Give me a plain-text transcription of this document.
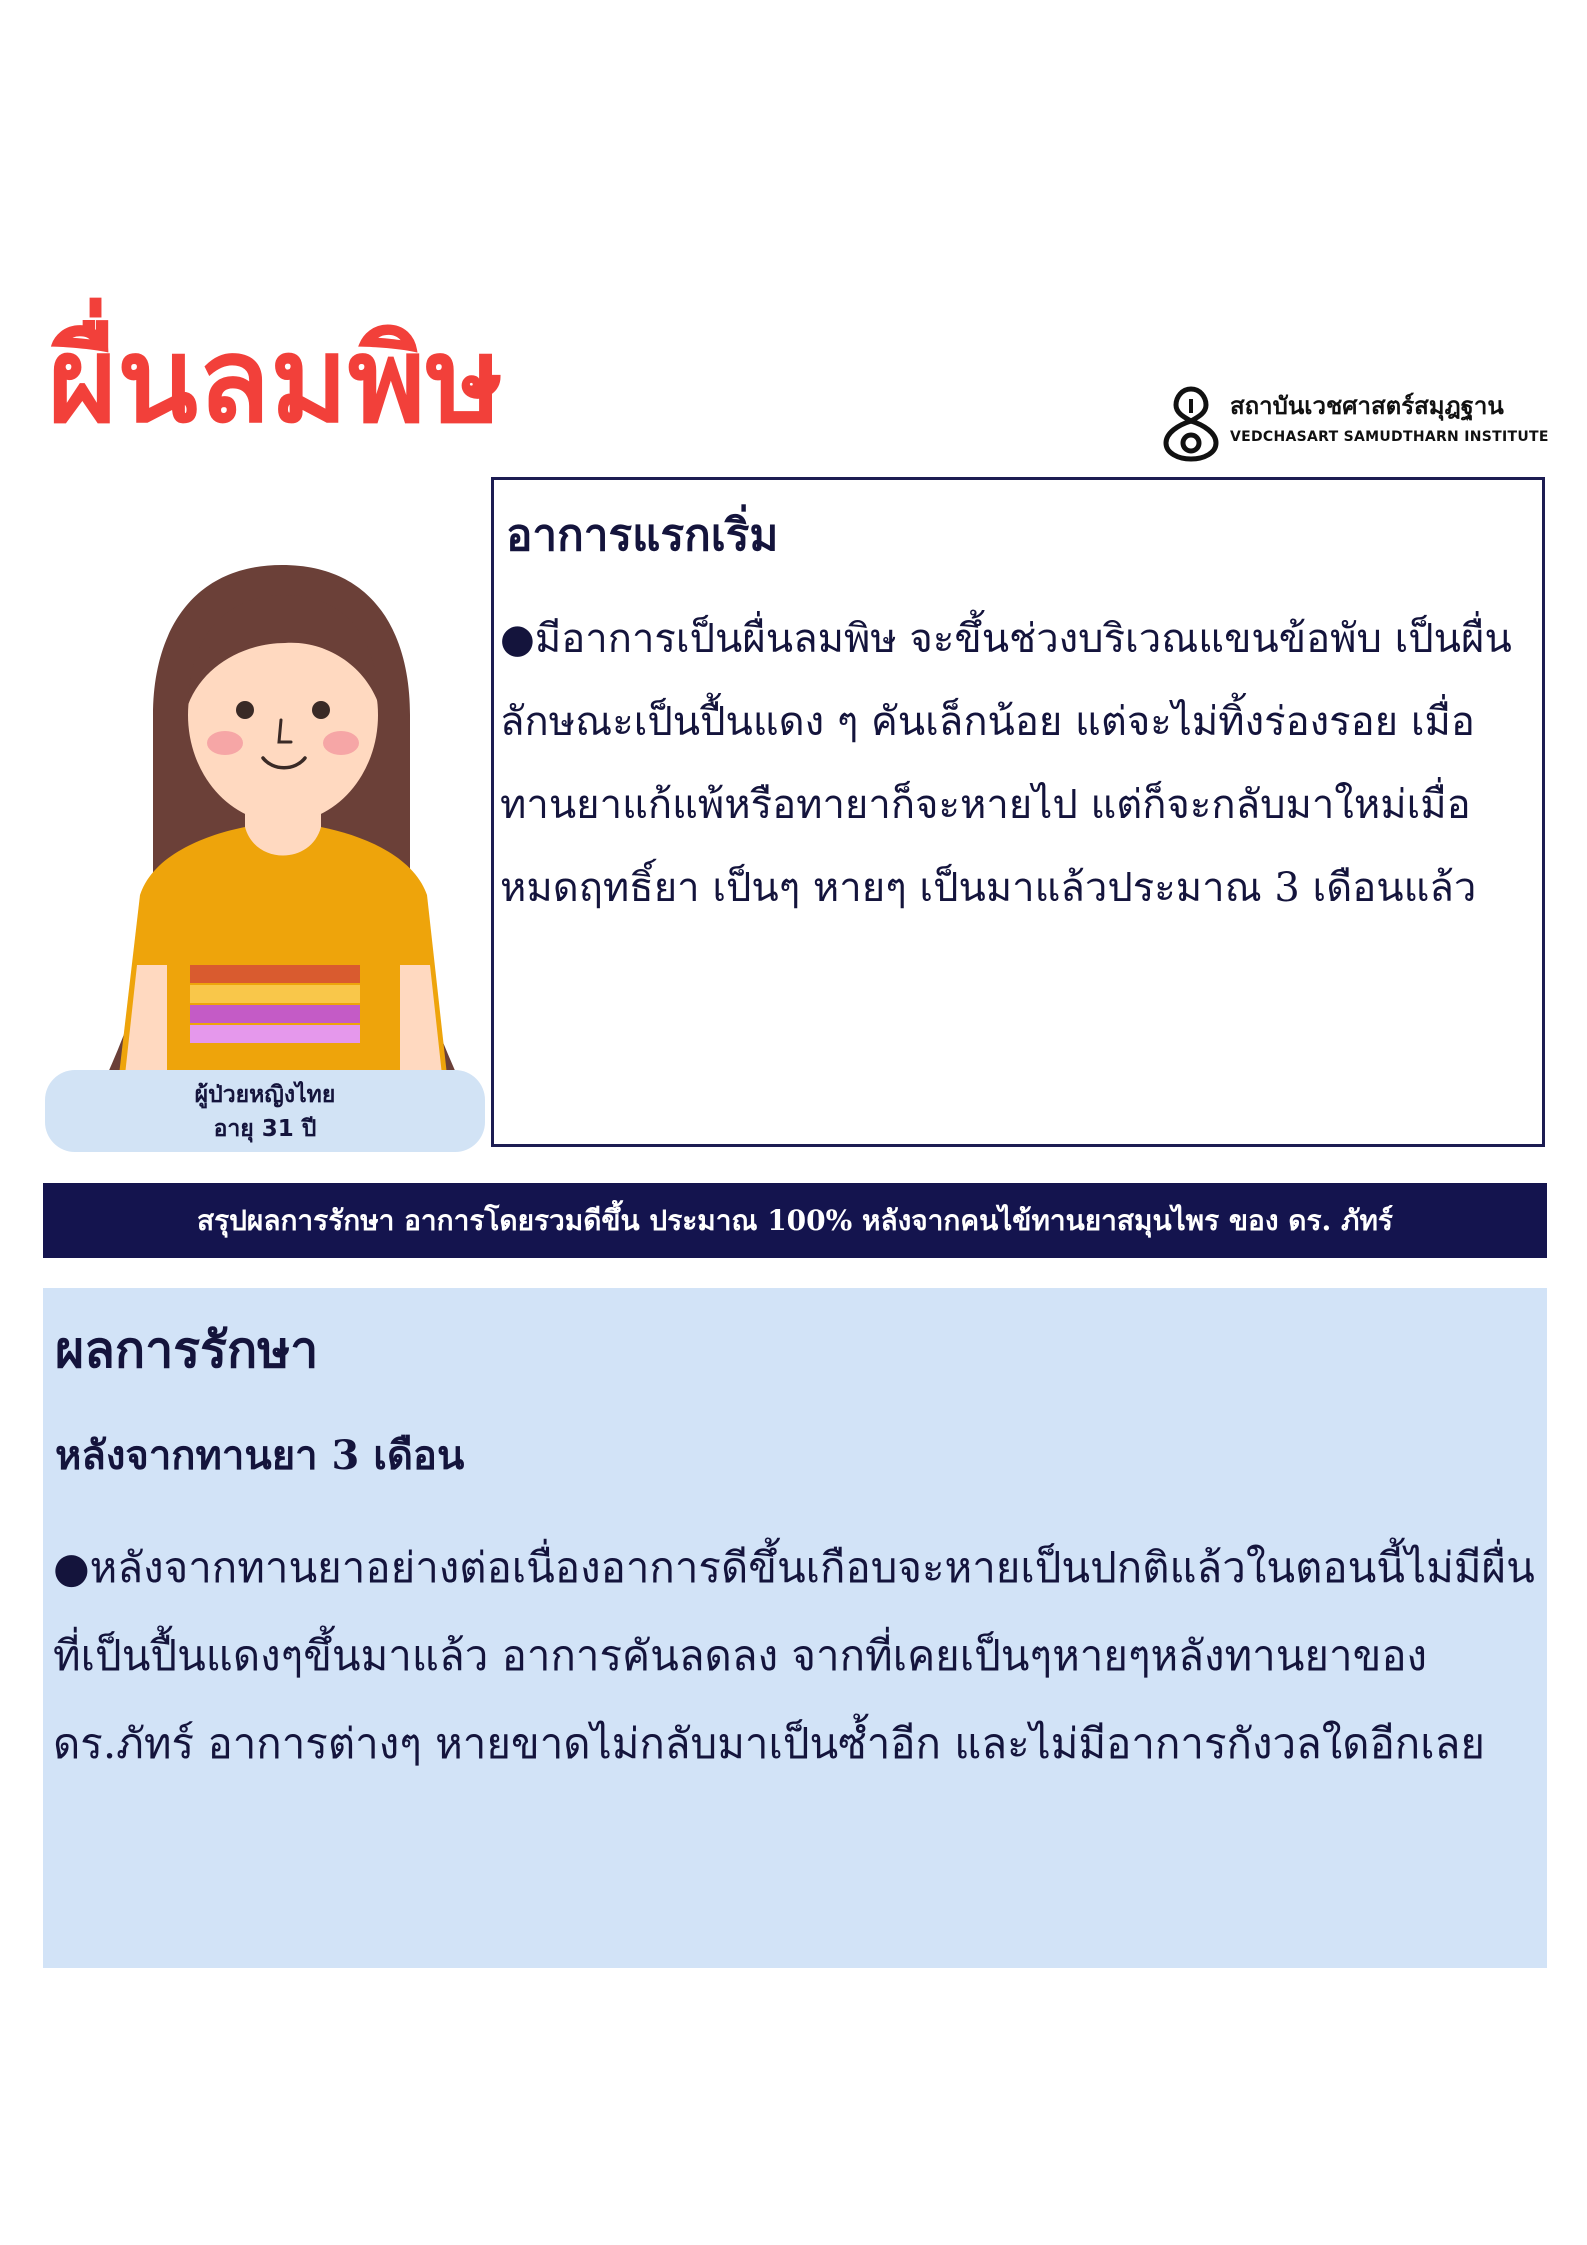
ผื่นลมพิษ	สถาบันเวชศาสตร์สมุฎฐาน
VEDCHASART SAMUDTHARN INSTITUTE
ผู้ป่วยหญิงไทย
อายุ 31 ปี
อาการแรกเริ่ม

●มีอาการเป็นผื่นลมพิษ จะขึ้นช่วงบริเวณแขนข้อพับ เป็นผื่นลักษณะเป็นปื้นแดง ๆ คันเล็กน้อย แต่จะไม่ทิ้งร่องรอย เมื่อทานยาแก้แพ้หรือทายาก็จะหายไป แต่ก็จะกลับมาใหม่เมื่อหมดฤทธิ์ยา เป็นๆ หายๆ เป็นมาแล้วประมาณ 3 เดือนแล้ว

สรุปผลการรักษา อาการโดยรวมดีขึ้น ประมาณ 100% หลังจากคนไข้ทานยาสมุนไพร ของ ดร. ภัทร์
ผลการรักษา
หลังจากทานยา 3 เดือน

●หลังจากทานยาอย่างต่อเนื่องอาการดีขึ้นเกือบจะหายเป็นปกติแล้วในตอนนี้ไม่มีผื่นที่เป็นปื้นแดงๆขึ้นมาแล้ว อาการคันลดลง จากที่เคยเป็นๆหายๆหลังทานยาของ ดร.ภัทร์ อาการต่างๆ หายขาดไม่กลับมาเป็นซ้ำอีก และไม่มีอาการกังวลใดอีกเลย
